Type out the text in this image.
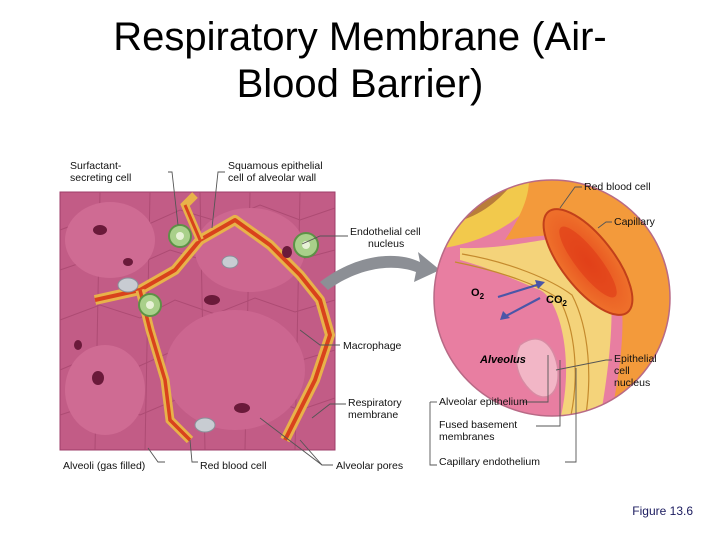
Respiratory Membrane (Air-
Blood Barrier)
Surfactant-
secreting cell
Squamous epithelial
cell of alveolar wall
Endothelial cell
nucleus
Macrophage
Respiratory
membrane
Alveoli (gas filled)	Red blood cell	Alveolar pores
Red blood cell
Capillary
Epithelial
cell
nucleus
Alveolar epithelium
Fused basement
membranes
Capillary endothelium
$O_2$	$CO_2$
Alveolus
Figure 13.6
